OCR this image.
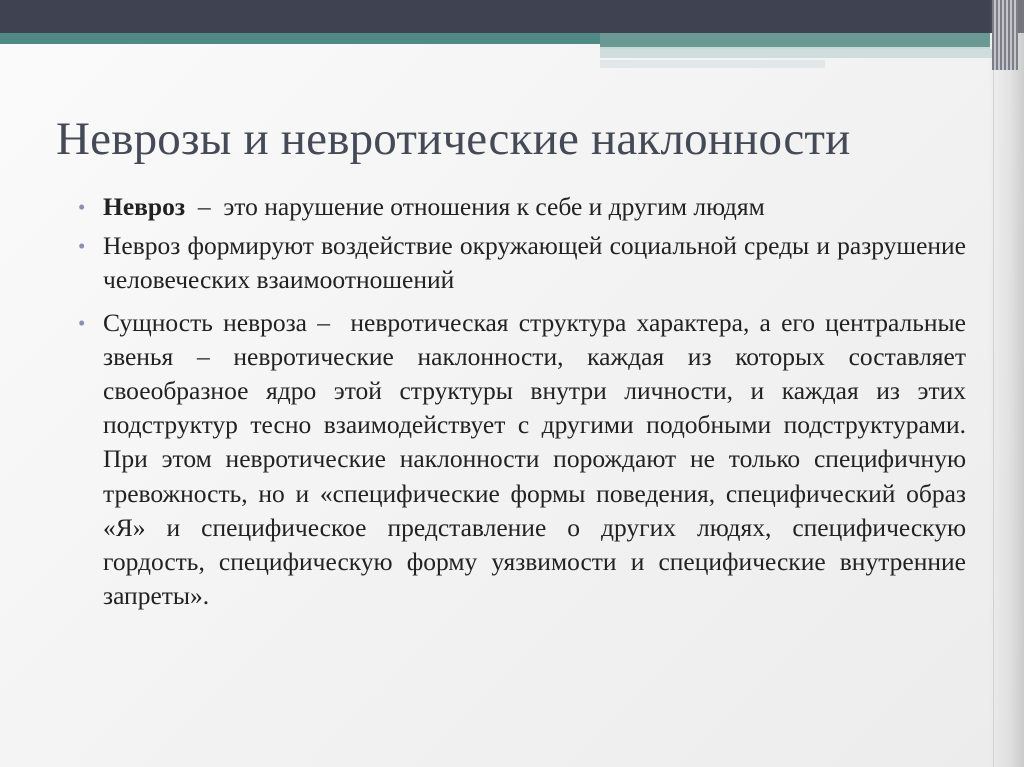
Неврозы и невротические наклонности
• Невроз  –  это нарушение отношения к себе и другим людям
• Невроз формируют воздействие окружающей социальной среды и разрушение человеческих взаимоотношений
• Сущность невроза –  невротическая структура характера, а его центральные звенья – невротические наклонности, каждая из которых составляет своеобразное ядро этой структуры внутри личности, и каждая из этих подструктур тесно взаимодействует с другими подобными подструктурами. При этом невротические наклонности порождают не только специфичную тревожность, но и «специфические формы поведения, специфический образ «Я» и специфическое представление о других людях, специфическую гордость, специфическую форму уязвимости и специфические внутренние запреты».
